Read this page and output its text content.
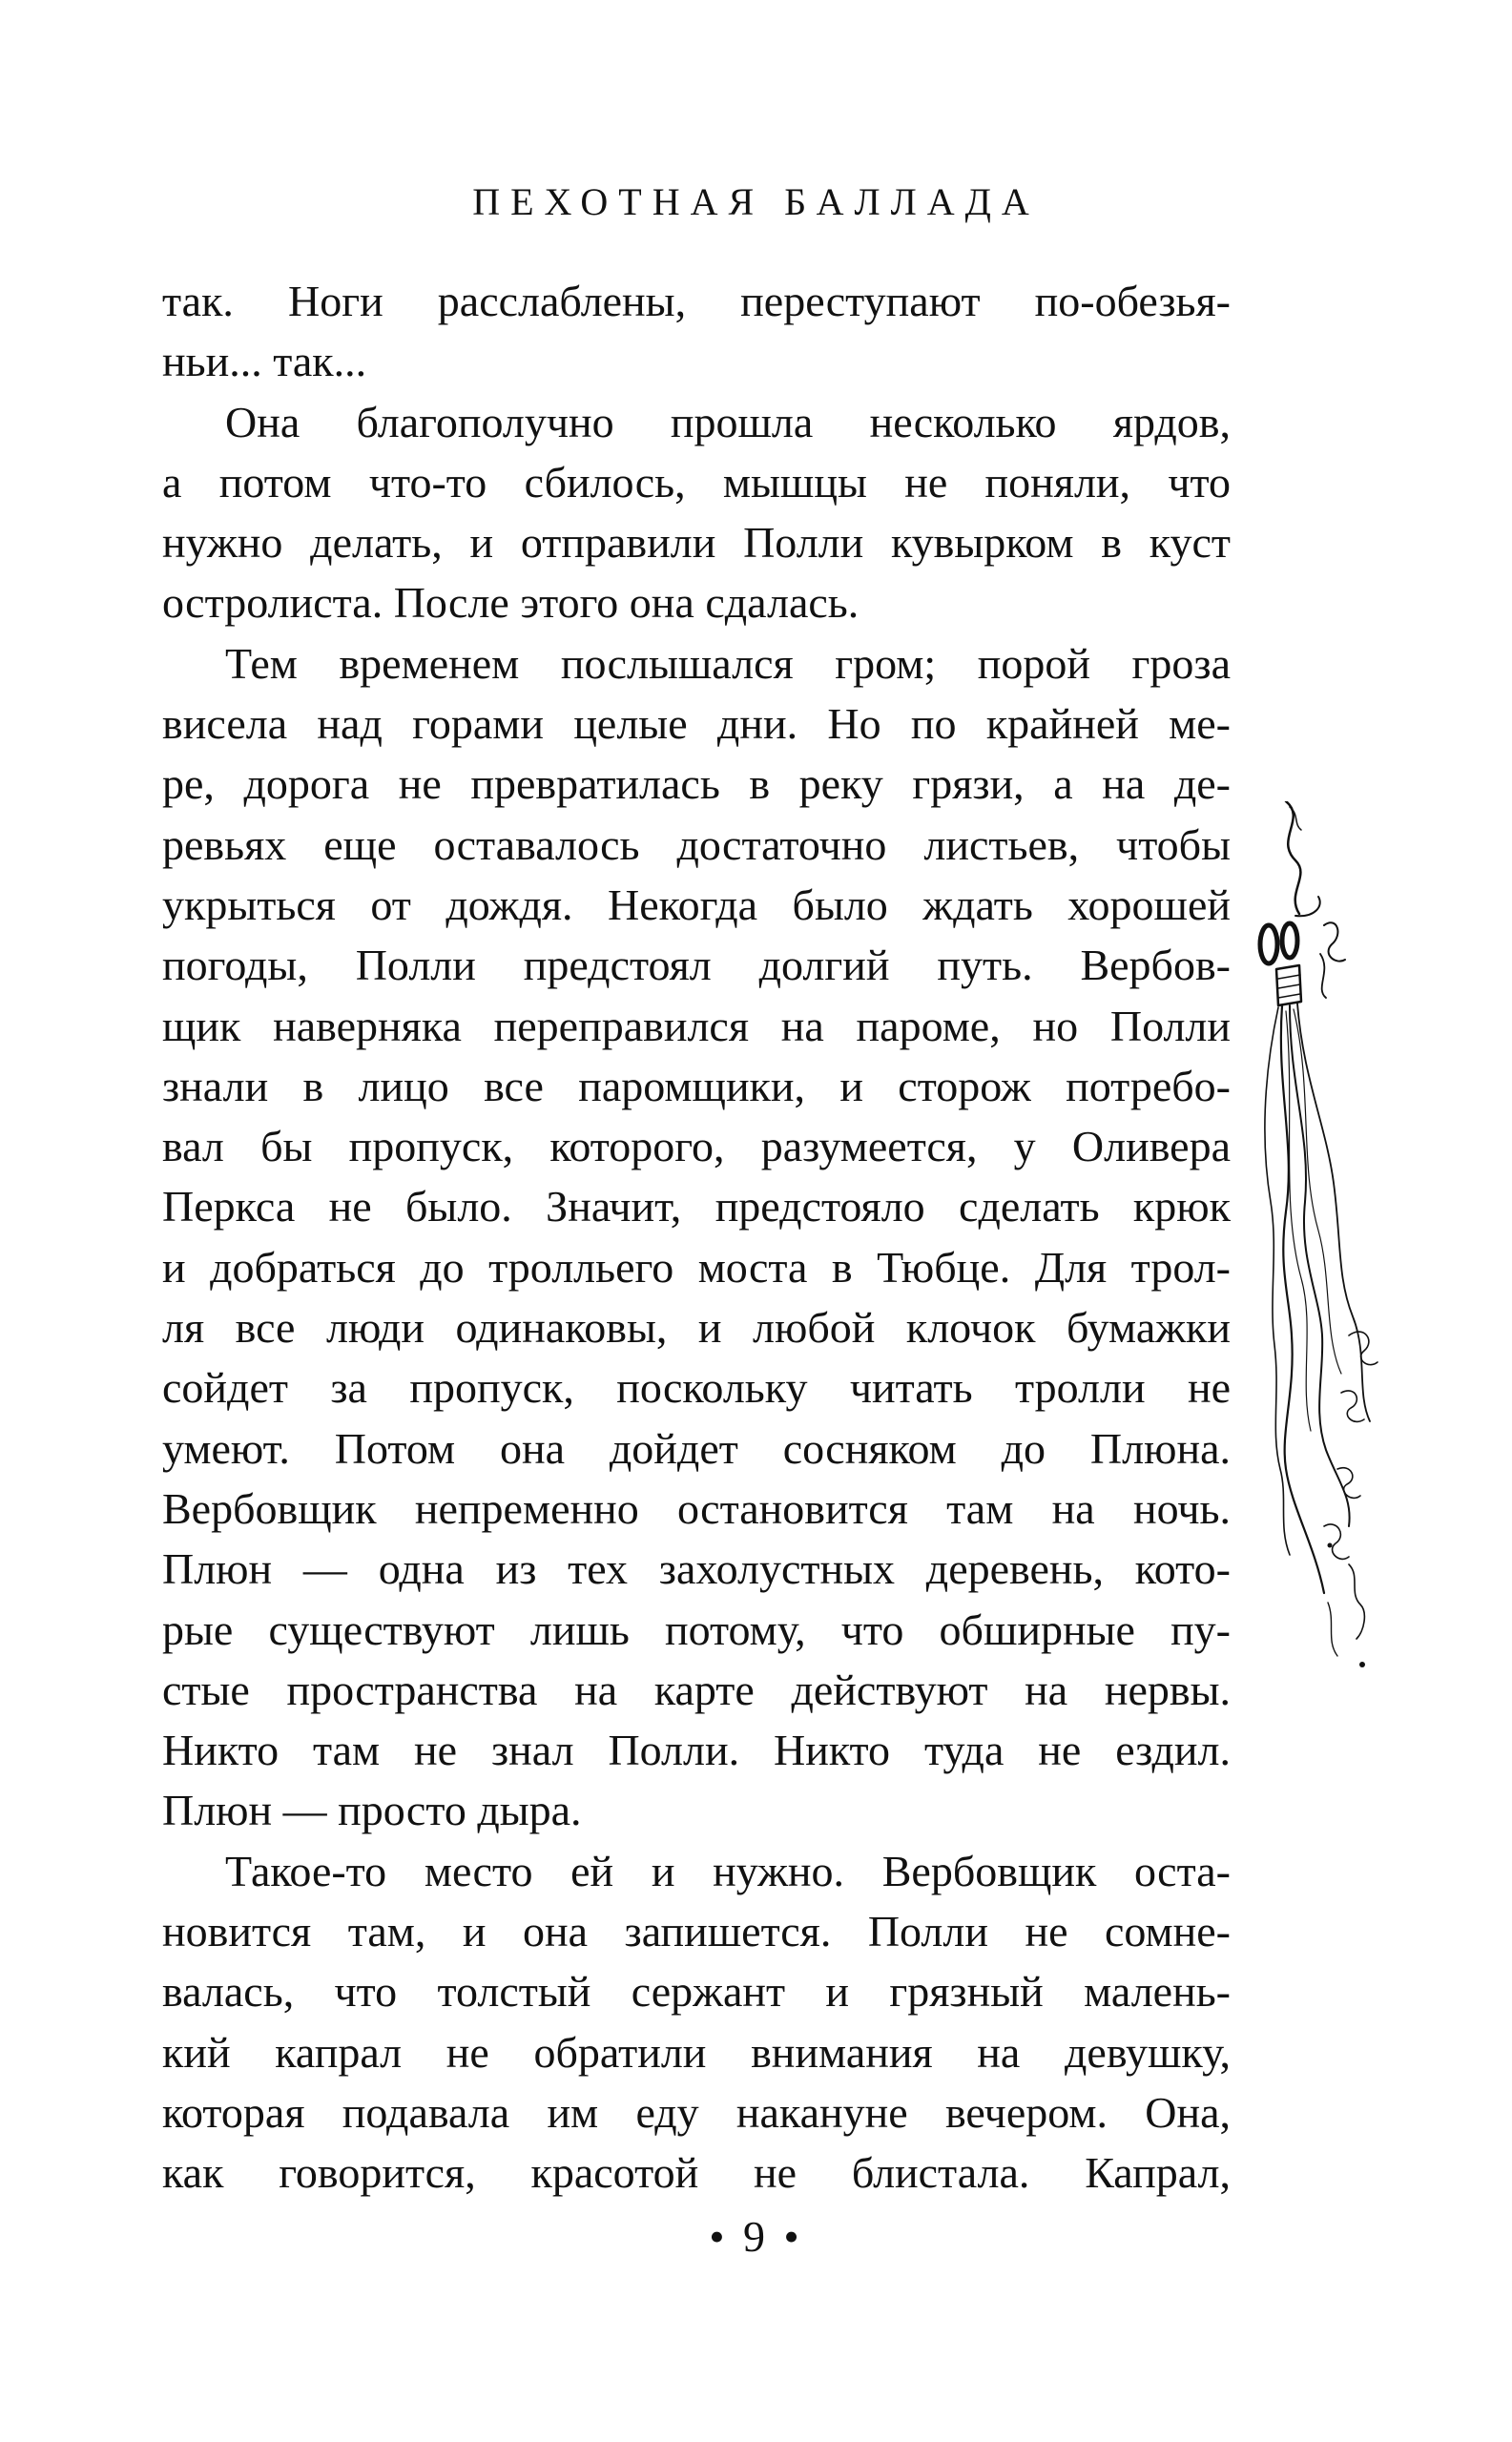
ПЕХОТНАЯ БАЛЛАДА
так. Ноги расслаблены, переступают по-обезья-
ньи... так...
Она благополучно прошла несколько ярдов,
а потом что-то сбилось, мышцы не поняли, что
нужно делать, и отправили Полли кувырком в куст
остролиста. После этого она сдалась.
Тем временем послышался гром; порой гроза
висела над горами целые дни. Но по крайней ме-
ре, дорога не превратилась в реку грязи, а на де-
ревьях еще оставалось достаточно листьев, чтобы
укрыться от дождя. Некогда было ждать хорошей
погоды, Полли предстоял долгий путь. Вербов-
щик наверняка переправился на пароме, но Полли
знали в лицо все паромщики, и сторож потребо-
вал бы пропуск, которого, разумеется, у Оливера
Перкса не было. Значит, предстояло сделать крюк
и добраться до тролльего моста в Тюбце. Для трол-
ля все люди одинаковы, и любой клочок бумажки
сойдет за пропуск, поскольку читать тролли не
умеют. Потом она дойдет сосняком до Плюна.
Вербовщик непременно остановится там на ночь.
Плюн — одна из тех захолустных деревень, кото-
рые существуют лишь потому, что обширные пу-
стые пространства на карте действуют на нервы.
Никто там не знал Полли. Никто туда не ездил.
Плюн — просто дыра.
Такое-то место ей и нужно. Вербовщик оста-
новится там, и она запишется. Полли не сомне-
валась, что толстый сержант и грязный малень-
кий капрал не обратили внимания на девушку,
которая подавала им еду накануне вечером. Она,
как говорится, красотой не блистала. Капрал,
• 9 •
